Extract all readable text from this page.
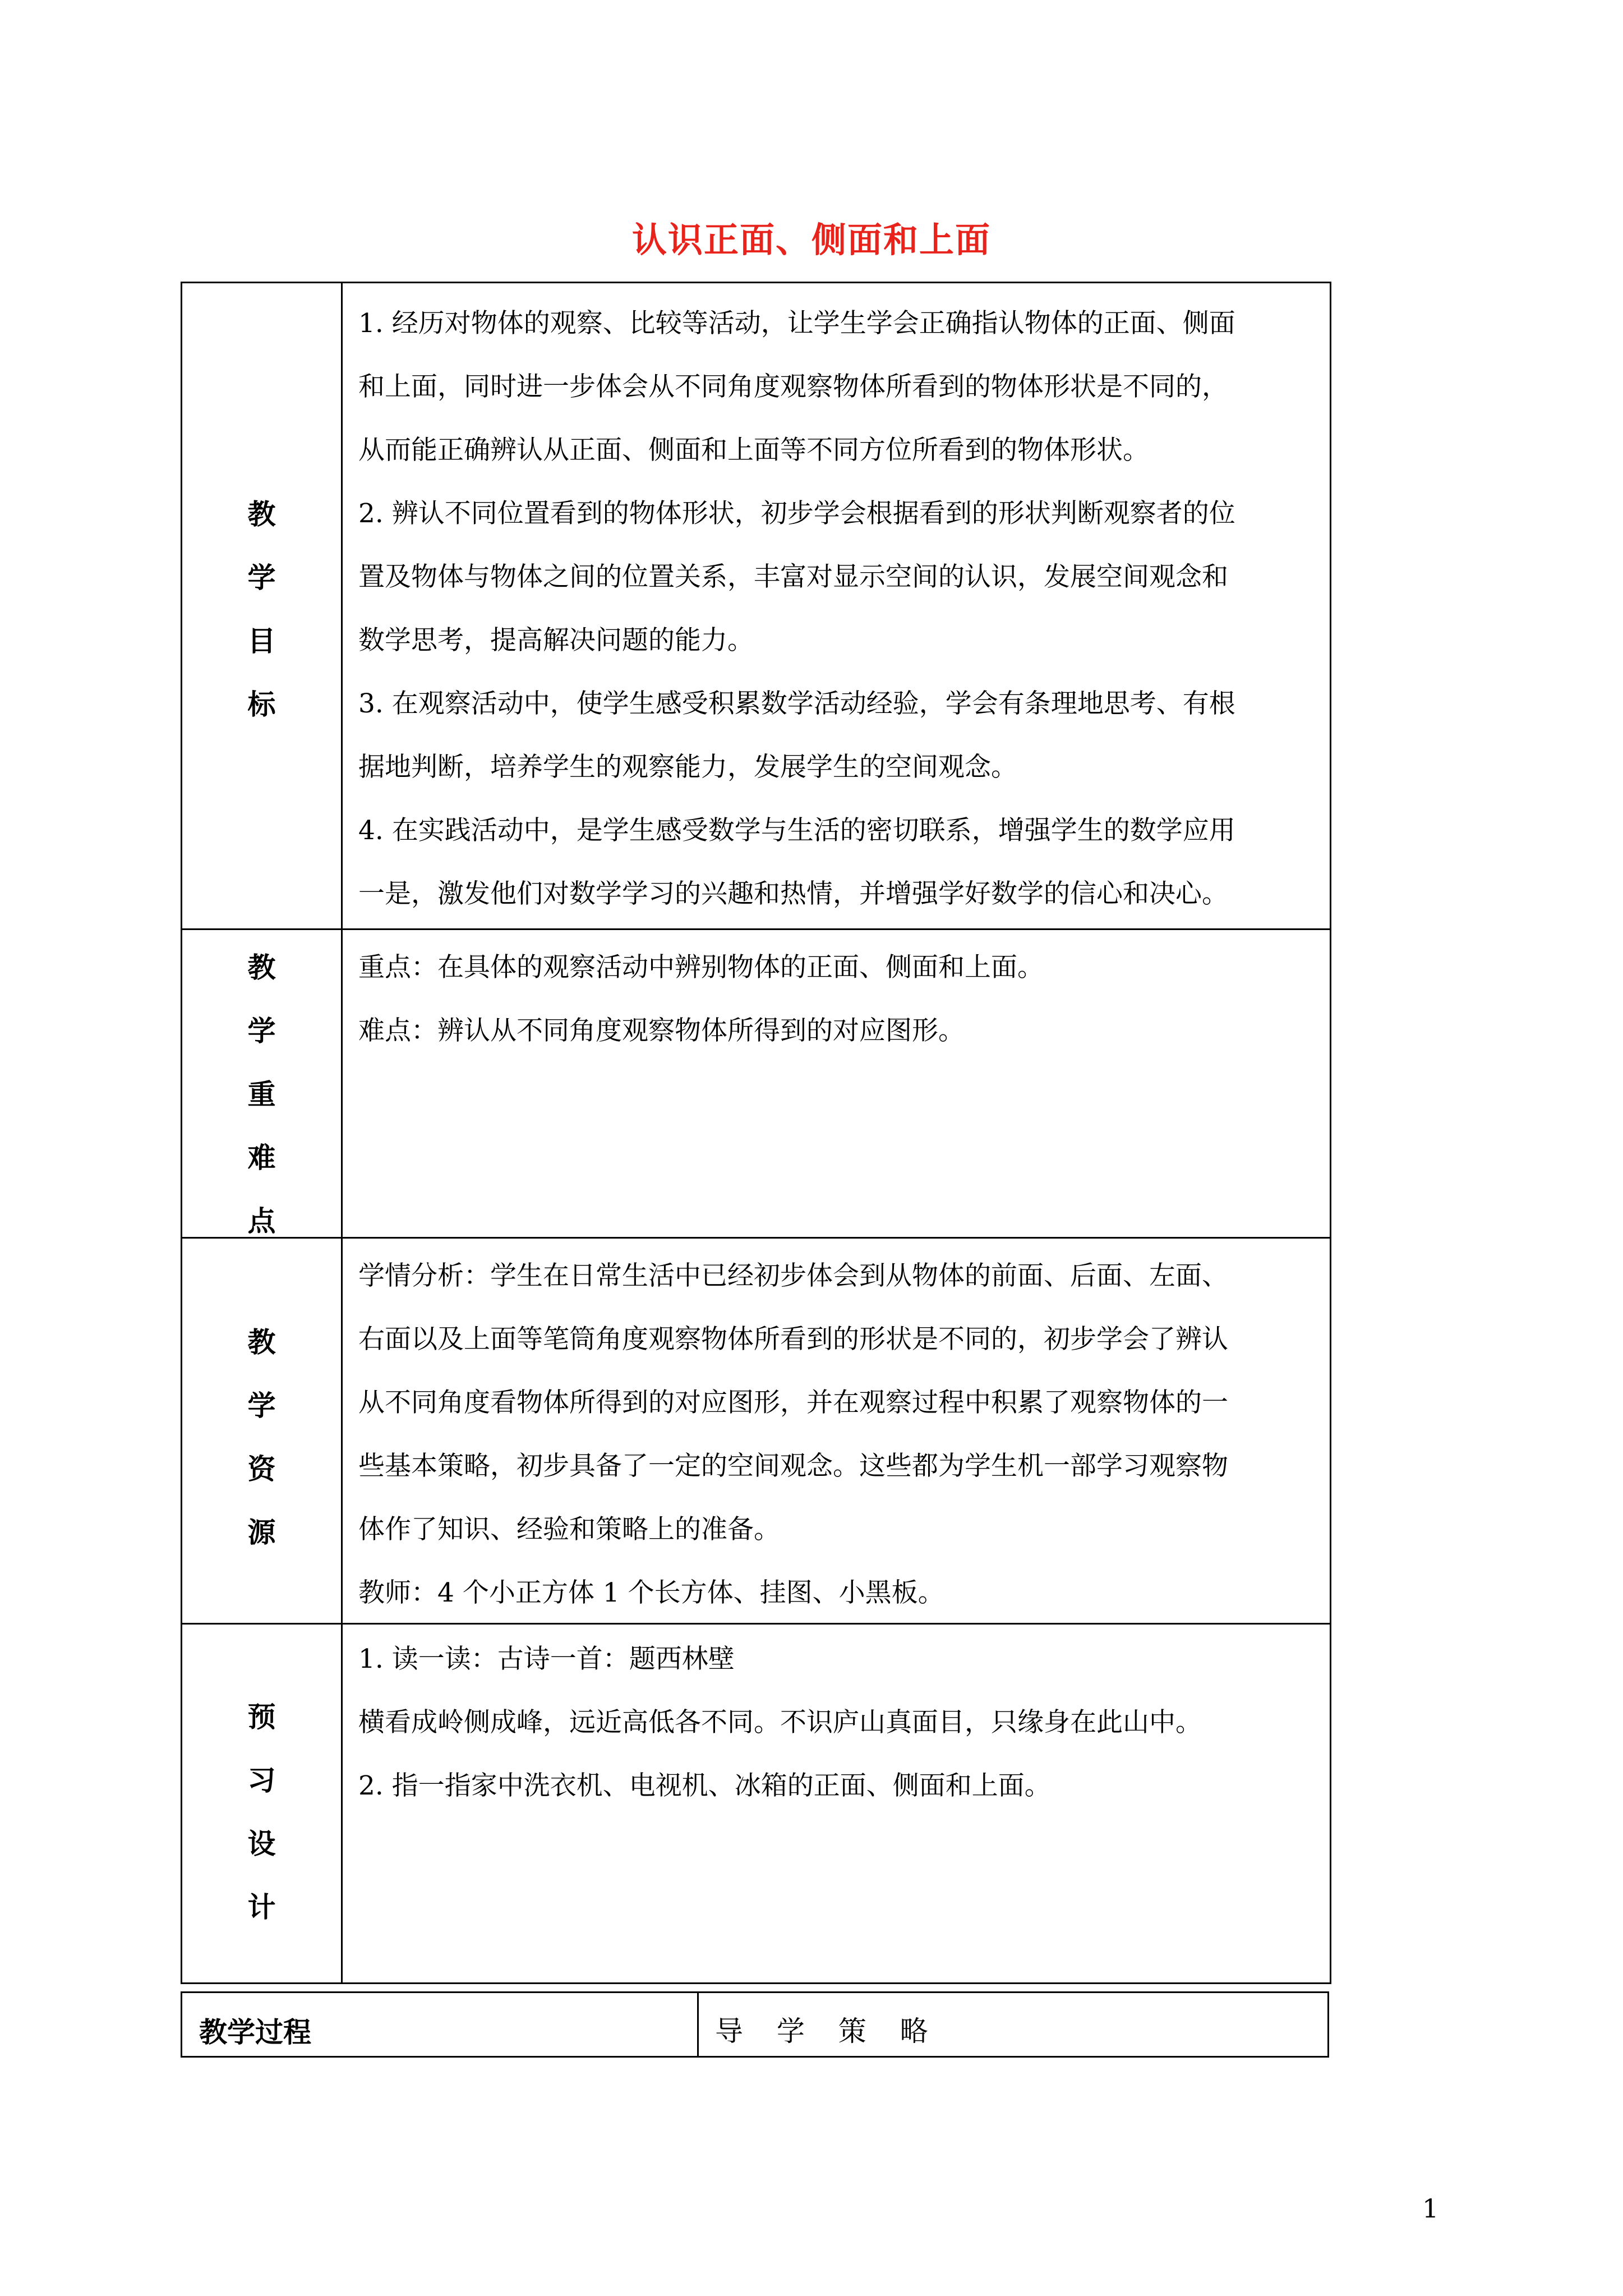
认识正面、侧面和上面
教
学
目
标

1. 经历对物体的观察、比较等活动，让学生学会正确指认物体的正面、侧面

和上面，同时进一步体会从不同角度观察物体所看到的物体形状是不同的，

从而能正确辨认从正面、侧面和上面等不同方位所看到的物体形状。

2. 辨认不同位置看到的物体形状，初步学会根据看到的形状判断观察者的位

置及物体与物体之间的位置关系，丰富对显示空间的认识，发展空间观念和

数学思考，提高解决问题的能力。

3. 在观察活动中，使学生感受积累数学活动经验，学会有条理地思考、有根

据地判断，培养学生的观察能力，发展学生的空间观念。

4. 在实践活动中，是学生感受数学与生活的密切联系，增强学生的数学应用

一是，激发他们对数学学习的兴趣和热情，并增强学好数学的信心和决心。

教
学
重
难
点

重点：在具体的观察活动中辨别物体的正面、侧面和上面。

难点：辨认从不同角度观察物体所得到的对应图形。

教
学
资
源

学情分析：学生在日常生活中已经初步体会到从物体的前面、后面、左面、

右面以及上面等笔筒角度观察物体所看到的形状是不同的，初步学会了辨认

从不同角度看物体所得到的对应图形，并在观察过程中积累了观察物体的一

些基本策略，初步具备了一定的空间观念。这些都为学生机一部学习观察物

体作了知识、经验和策略上的准备。

教师：4 个小正方体 1 个长方体、挂图、小黑板。

预
习
设
计

1. 读一读：古诗一首：题西林壁

横看成岭侧成峰，远近高低各不同。不识庐山真面目，只缘身在此山中。

2. 指一指家中洗衣机、电视机、冰箱的正面、侧面和上面。

教学过程	导 学 策 略
1
